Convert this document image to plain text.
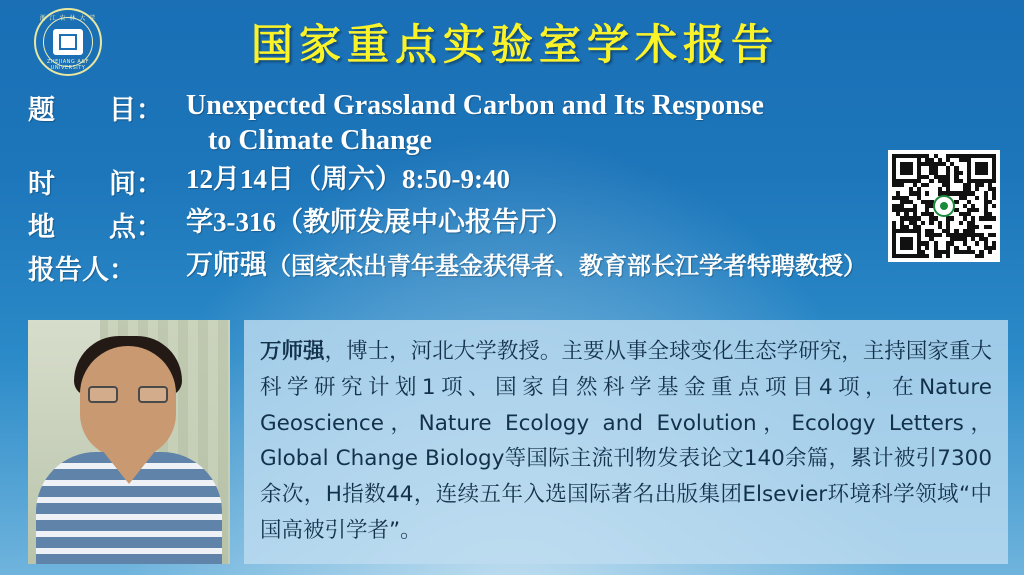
浙 江 农 林 大 学
ZHEJIANG A&F UNIVERSITY	国家重点实验室学术报告
题　　目： Unexpected Grassland Carbon and Its Response
to Climate Change
时　　间： 12月14日（周六）8:50-9:40
地　　点： 学3-316（教师发展中心报告厅）
报告人：	万师强（国家杰出青年基金获得者、教育部长江学者特聘教授）
万师强，博士，河北大学教授。主要从事全球变化生态学研究，主持国家重大科学研究计划1项、国家自然科学基金重点项目4项，在Nature Geoscience，Nature Ecology and Evolution，Ecology Letters，Global Change Biology等国际主流刊物发表论文140余篇，累计被引7300余次，H指数44，连续五年入选国际著名出版集团Elsevier环境科学领域“中国高被引学者”。
